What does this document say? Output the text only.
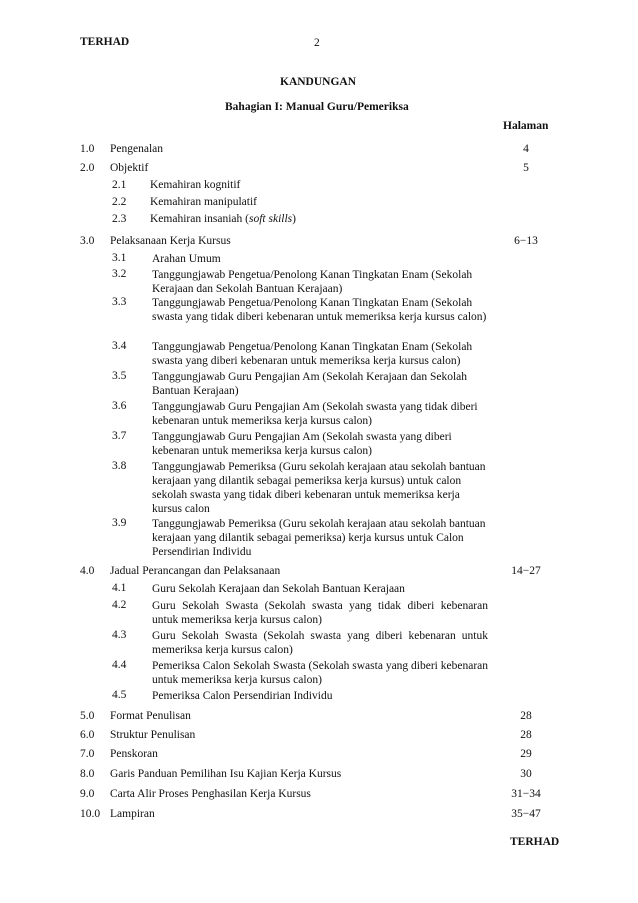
TERHAD	2
KANDUNGAN
Bahagian I: Manual Guru/Pemeriksa
Halaman
1.0 Pengenalan	4
2.0 Objektif	5
2.1 Kemahiran kognitif
2.2 Kemahiran manipulatif
2.3 Kemahiran insaniah (soft skills)
3.0 Pelaksanaan Kerja Kursus	6−13
3.1 Arahan Umum
3.2 Tanggungjawab Pengetua/Penolong Kanan Tingkatan Enam (Sekolah Kerajaan dan Sekolah Bantuan Kerajaan)
3.3 Tanggungjawab Pengetua/Penolong Kanan Tingkatan Enam (Sekolah swasta yang tidak diberi kebenaran untuk memeriksa kerja kursus calon)
3.4 Tanggungjawab Pengetua/Penolong Kanan Tingkatan Enam (Sekolah swasta yang diberi kebenaran untuk memeriksa kerja kursus calon)
3.5 Tanggungjawab Guru Pengajian Am (Sekolah Kerajaan dan Sekolah Bantuan Kerajaan)
3.6 Tanggungjawab Guru Pengajian Am (Sekolah swasta yang tidak diberi kebenaran untuk memeriksa kerja kursus calon)
3.7 Tanggungjawab Guru Pengajian Am (Sekolah swasta yang diberi kebenaran untuk memeriksa kerja kursus calon)
3.8 Tanggungjawab Pemeriksa (Guru sekolah kerajaan atau sekolah bantuan kerajaan yang dilantik sebagai pemeriksa kerja kursus) untuk calon sekolah swasta yang tidak diberi kebenaran untuk memeriksa kerja kursus calon
3.9 Tanggungjawab Pemeriksa (Guru sekolah kerajaan atau sekolah bantuan kerajaan yang dilantik sebagai pemeriksa) kerja kursus untuk Calon Persendirian Individu
4.0 Jadual Perancangan dan Pelaksanaan	14−27
4.1 Guru Sekolah Kerajaan dan Sekolah Bantuan Kerajaan
4.2 Guru Sekolah Swasta (Sekolah swasta yang tidak diberi kebenaran untuk memeriksa kerja kursus calon)
4.3 Guru Sekolah Swasta (Sekolah swasta yang diberi kebenaran untuk memeriksa kerja kursus calon)
4.4 Pemeriksa Calon Sekolah Swasta (Sekolah swasta yang diberi kebenaran untuk memeriksa kerja kursus calon)
4.5 Pemeriksa Calon Persendirian Individu
5.0 Format Penulisan	28
6.0 Struktur Penulisan	28
7.0 Penskoran	29
8.0 Garis Panduan Pemilihan Isu Kajian Kerja Kursus	30
9.0 Carta Alir Proses Penghasilan Kerja Kursus	31−34
10.0 Lampiran	35−47
TERHAD
